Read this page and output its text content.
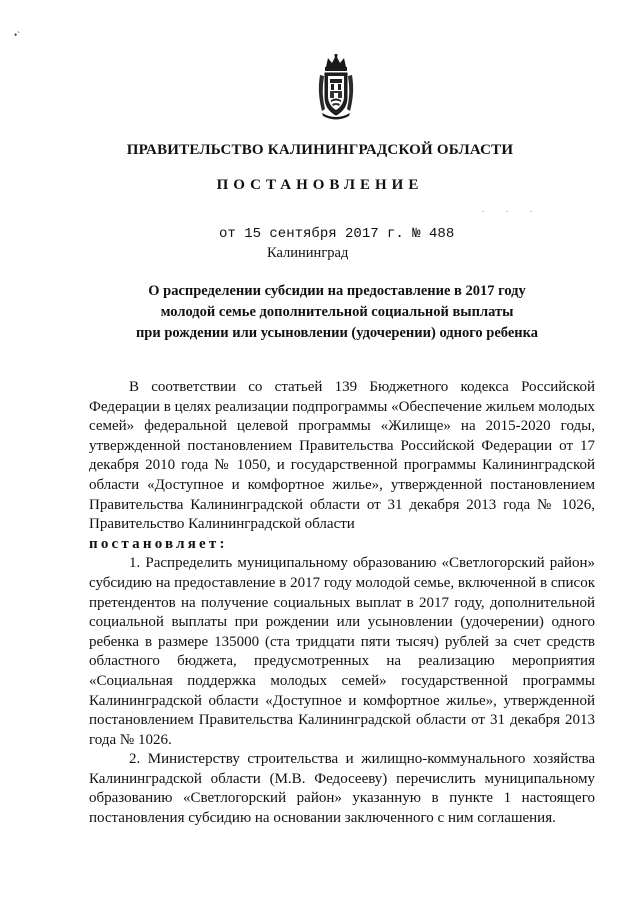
•`
. . .
ПРАВИТЕЛЬСТВО КАЛИНИНГРАДСКОЙ ОБЛАСТИ
ПОСТАНОВЛЕНИЕ
от 15 сентября 2017 г. № 488
Калининград
О распределении субсидии на предоставление в 2017 году
молодой семье дополнительной социальной выплаты
при рождении или усыновлении (удочерении) одного ребенка

В соответствии со статьей 139 Бюджетного кодекса Российской Федерации в целях реализации подпрограммы «Обеспечение жильем молодых семей» федеральной целевой программы «Жилище» на 2015-2020 годы, утвержденной постановлением Правительства Российской Федерации от 17 декабря 2010 года № 1050, и государственной программы Калининградской области «Доступное и комфортное жилье», утвержденной постановлением Правительства Калининградской области от 31 декабря 2013 года № 1026, Правительство Калининградской области

постановляет:

1. Распределить муниципальному образованию «Светлогорский район» субсидию на предоставление в 2017 году молодой семье, включенной в список претендентов на получение социальных выплат в 2017 году, дополнительной социальной выплаты при рождении или усыновлении (удочерении) одного ребенка в размере 135000 (ста тридцати пяти тысяч) рублей за счет средств областного бюджета, предусмотренных на реализацию мероприятия «Социальная поддержка молодых семей» государственной программы Калининградской области «Доступное и комфортное жилье», утвержденной постановлением Правительства Калининградской области от 31 декабря 2013 года № 1026.

2. Министерству строительства и жилищно-коммунального хозяйства Калининградской области (М.В. Федосееву) перечислить муниципальному образованию «Светлогорский район» указанную в пункте 1 настоящего постановления субсидию на основании заключенного с ним соглашения.
